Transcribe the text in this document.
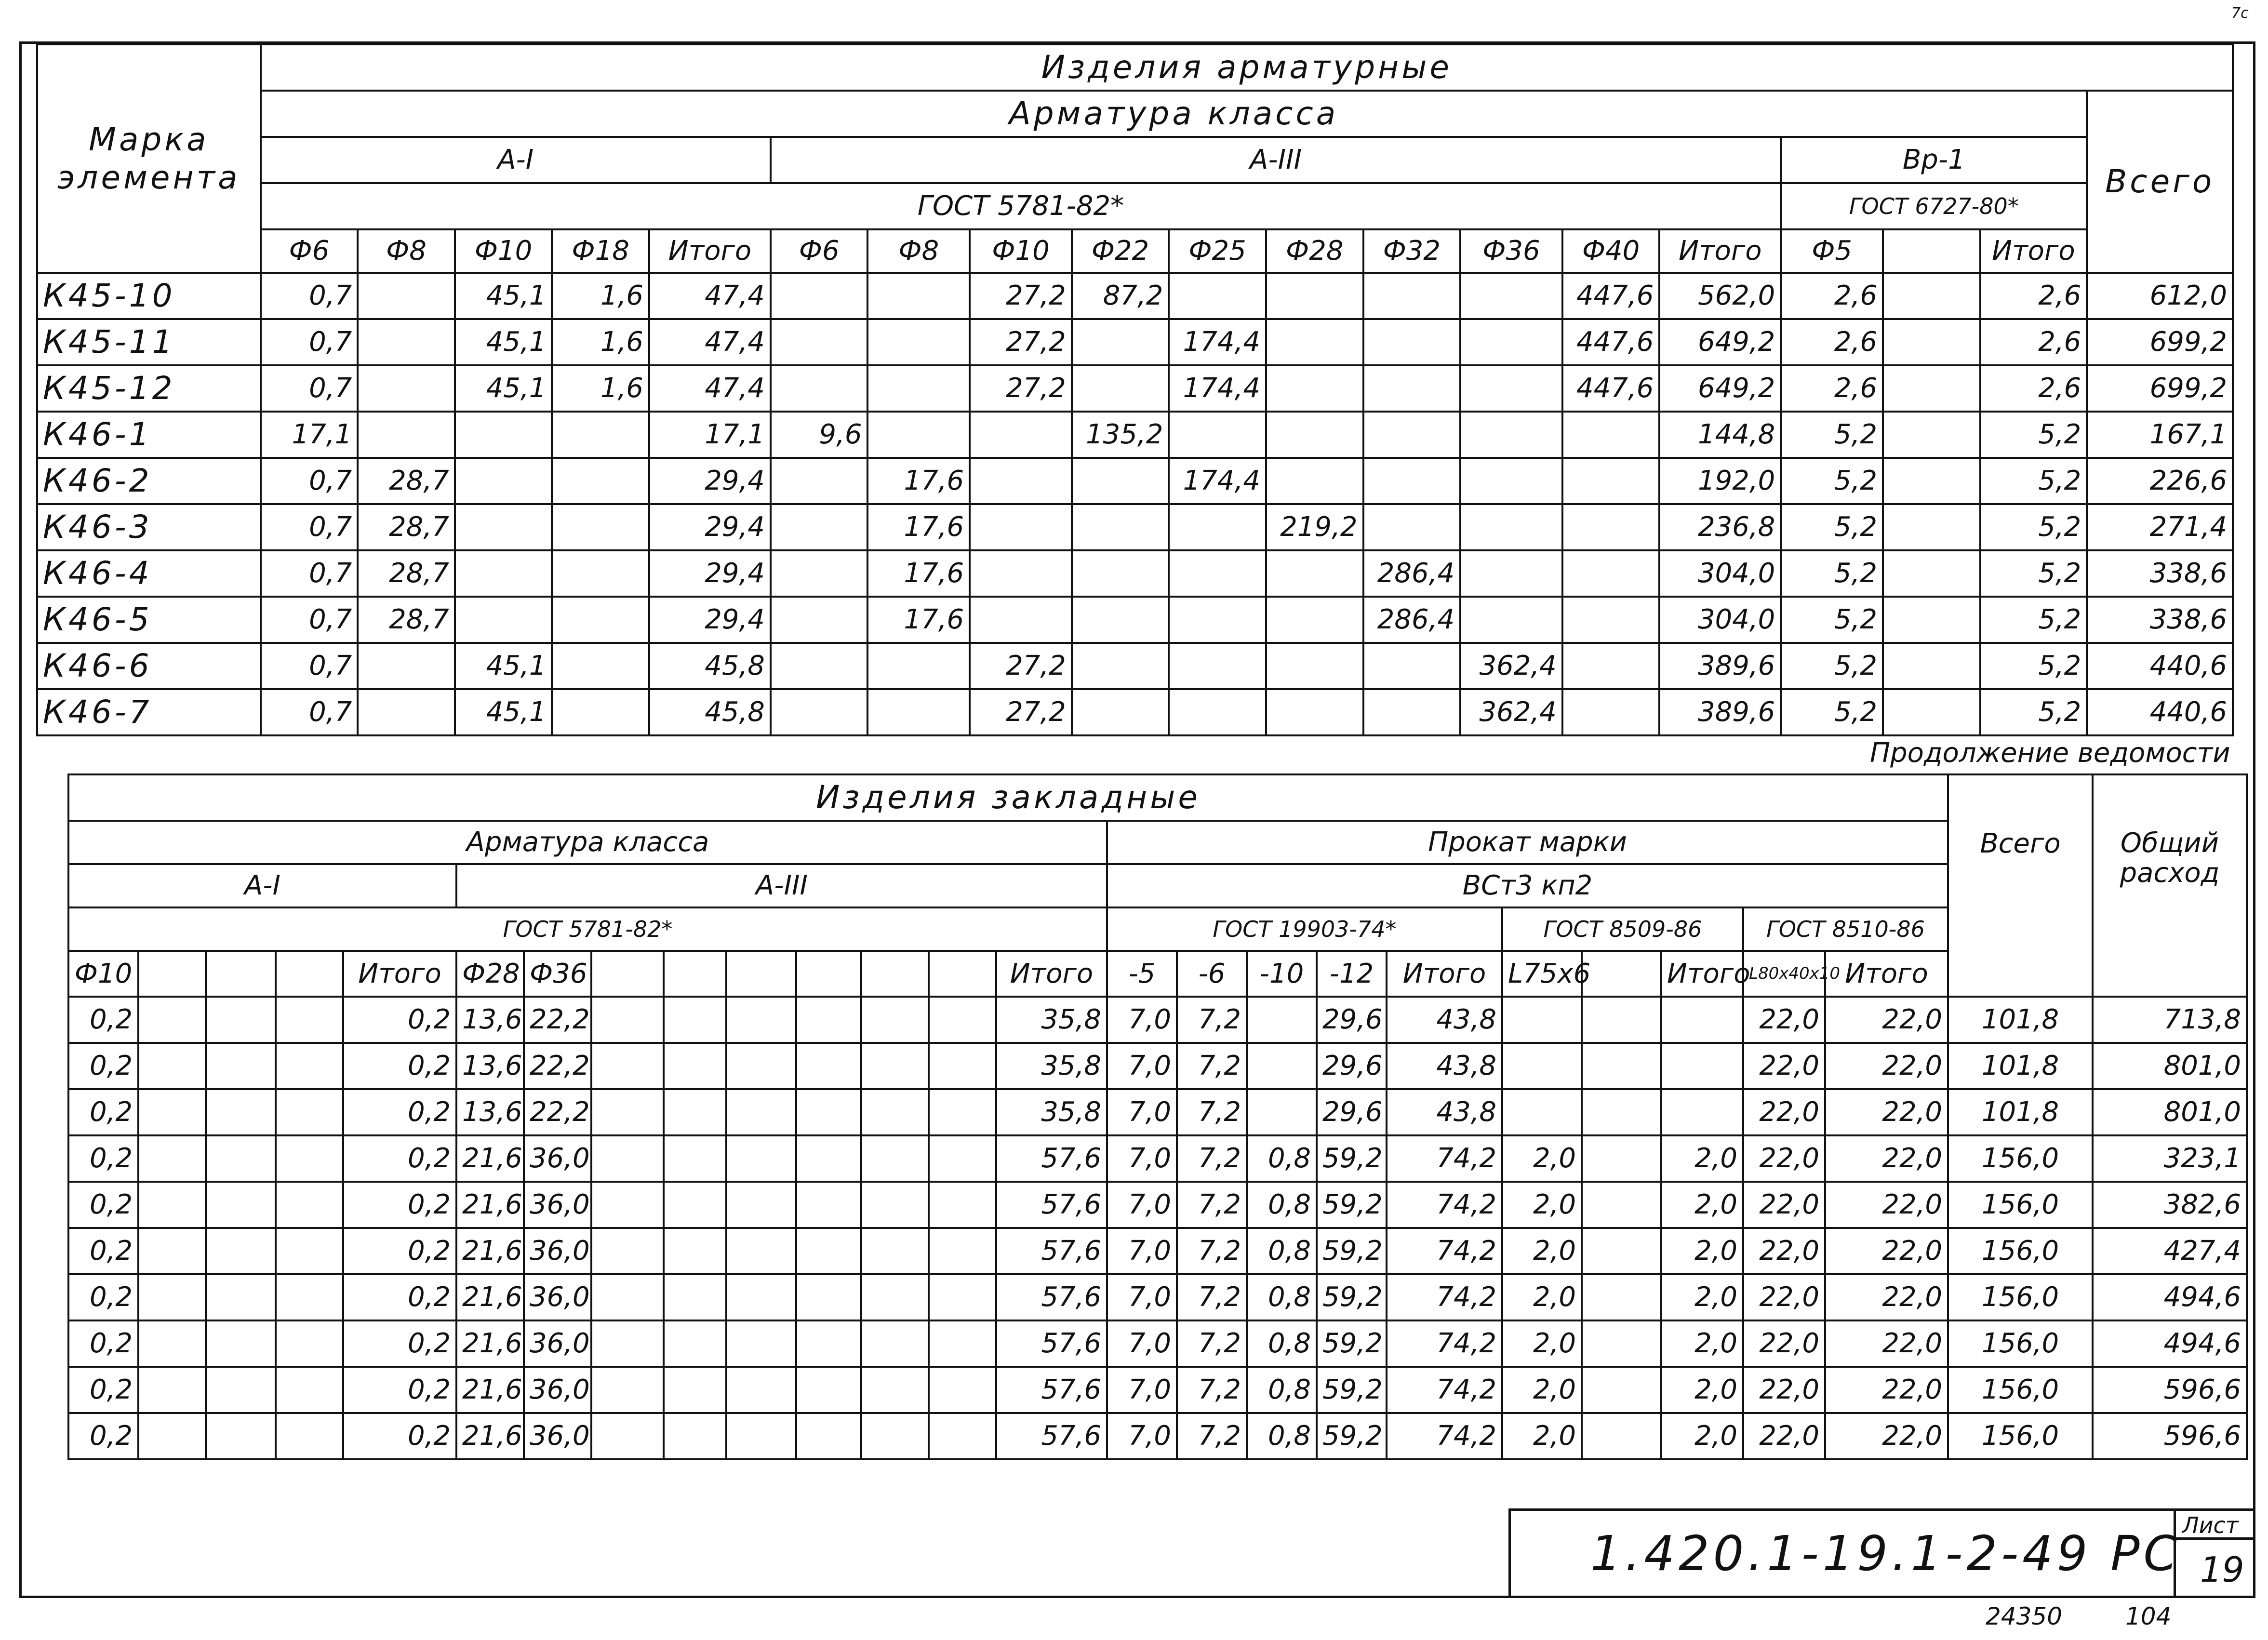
7c
Марка элемента	Изделия арматурные																		
	Арматура класса																		Всего
	А-I					А-III										Вр-1			
	ГОСТ 5781-82*															ГОСТ 6727-80*			
	Ф6	Ф8	Ф10	Ф18	Итого	Ф6	Ф8	Ф10	Ф22	Ф25	Ф28	Ф32	Ф36	Ф40	Итого	Ф5		Итого	
К45-10	0,7		45,1	1,6	47,4			27,2	87,2					447,6	562,0	2,6		2,6	612,0
К45-11	0,7		45,1	1,6	47,4			27,2		174,4				447,6	649,2	2,6		2,6	699,2
К45-12	0,7		45,1	1,6	47,4			27,2		174,4				447,6	649,2	2,6		2,6	699,2
К46-1	17,1				17,1	9,6			135,2						144,8	5,2		5,2	167,1
К46-2	0,7	28,7			29,4		17,6			174,4					192,0	5,2		5,2	226,6
К46-3	0,7	28,7			29,4		17,6				219,2				236,8	5,2		5,2	271,4
К46-4	0,7	28,7			29,4		17,6					286,4			304,0	5,2		5,2	338,6
К46-5	0,7	28,7			29,4		17,6					286,4			304,0	5,2		5,2	338,6
К46-6	0,7		45,1		45,8			27,2					362,4		389,6	5,2		5,2	440,6
К46-7	0,7		45,1		45,8			27,2					362,4		389,6	5,2		5,2	440,6
Продолжение ведомости
Изделия закладные																									Общий расход
Арматура класса														Прокат марки										Всего	
А-I					А-III									ВСт3 кп2											
ГОСТ 5781-82*														ГОСТ 19903-74*					ГОСТ 8509-86			ГОСТ 8510-86			
Ф10				Итого	Ф28	Ф36							Итого	-5	-6	-10	-12	Итого	L75x6		Итого	L80x40x10	Итого		
0,2				0,2	13,6	22,2							35,8	7,0	7,2		29,6	43,8				22,0	22,0	101,8	713,8
0,2				0,2	13,6	22,2							35,8	7,0	7,2		29,6	43,8				22,0	22,0	101,8	801,0
0,2				0,2	13,6	22,2							35,8	7,0	7,2		29,6	43,8				22,0	22,0	101,8	801,0
0,2				0,2	21,6	36,0							57,6	7,0	7,2	0,8	59,2	74,2	2,0		2,0	22,0	22,0	156,0	323,1
0,2				0,2	21,6	36,0							57,6	7,0	7,2	0,8	59,2	74,2	2,0		2,0	22,0	22,0	156,0	382,6
0,2				0,2	21,6	36,0							57,6	7,0	7,2	0,8	59,2	74,2	2,0		2,0	22,0	22,0	156,0	427,4
0,2				0,2	21,6	36,0							57,6	7,0	7,2	0,8	59,2	74,2	2,0		2,0	22,0	22,0	156,0	494,6
0,2				0,2	21,6	36,0							57,6	7,0	7,2	0,8	59,2	74,2	2,0		2,0	22,0	22,0	156,0	494,6
0,2				0,2	21,6	36,0							57,6	7,0	7,2	0,8	59,2	74,2	2,0		2,0	22,0	22,0	156,0	596,6
0,2				0,2	21,6	36,0							57,6	7,0	7,2	0,8	59,2	74,2	2,0		2,0	22,0	22,0	156,0	596,6
1.420.1-19.1-2-49 РС Лист
19
24350	104
